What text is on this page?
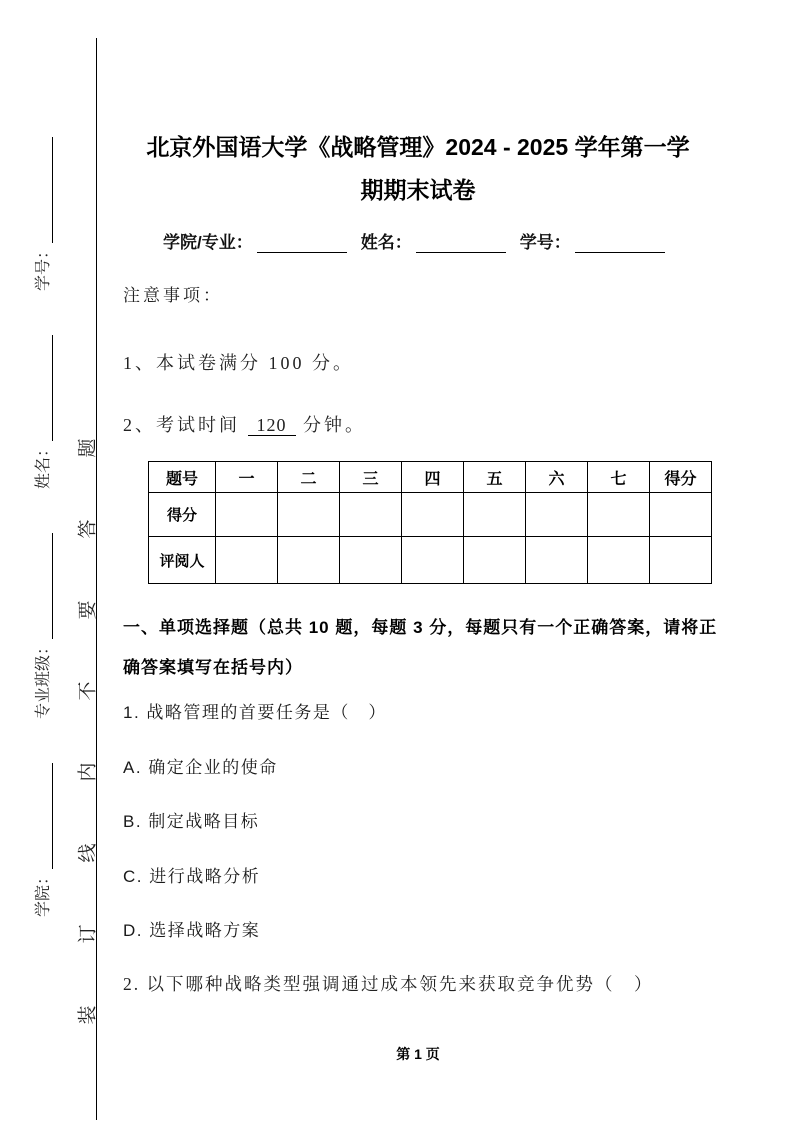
学院：
专业班级：
姓名：
学号：
装订线内不要答题
北京外国语大学《战略管理》2024 - 2025 学年第一学
期期末试卷
学院/专业：	姓名：	学号：
注意事项：
1、本试卷满分 100 分。
2、考试时间 120 分钟。
题号	一	二	三	四	五	六	七	得分
得分								
评阅人								
一、单项选择题（总共 10 题，每题 3 分，每题只有一个正确答案，请将正确答案填写在括号内）
1. 战略管理的首要任务是（　）
A. 确定企业的使命
B. 制定战略目标
C. 进行战略分析
D. 选择战略方案
2. 以下哪种战略类型强调通过成本领先来获取竞争优势（　）
第 1 页
